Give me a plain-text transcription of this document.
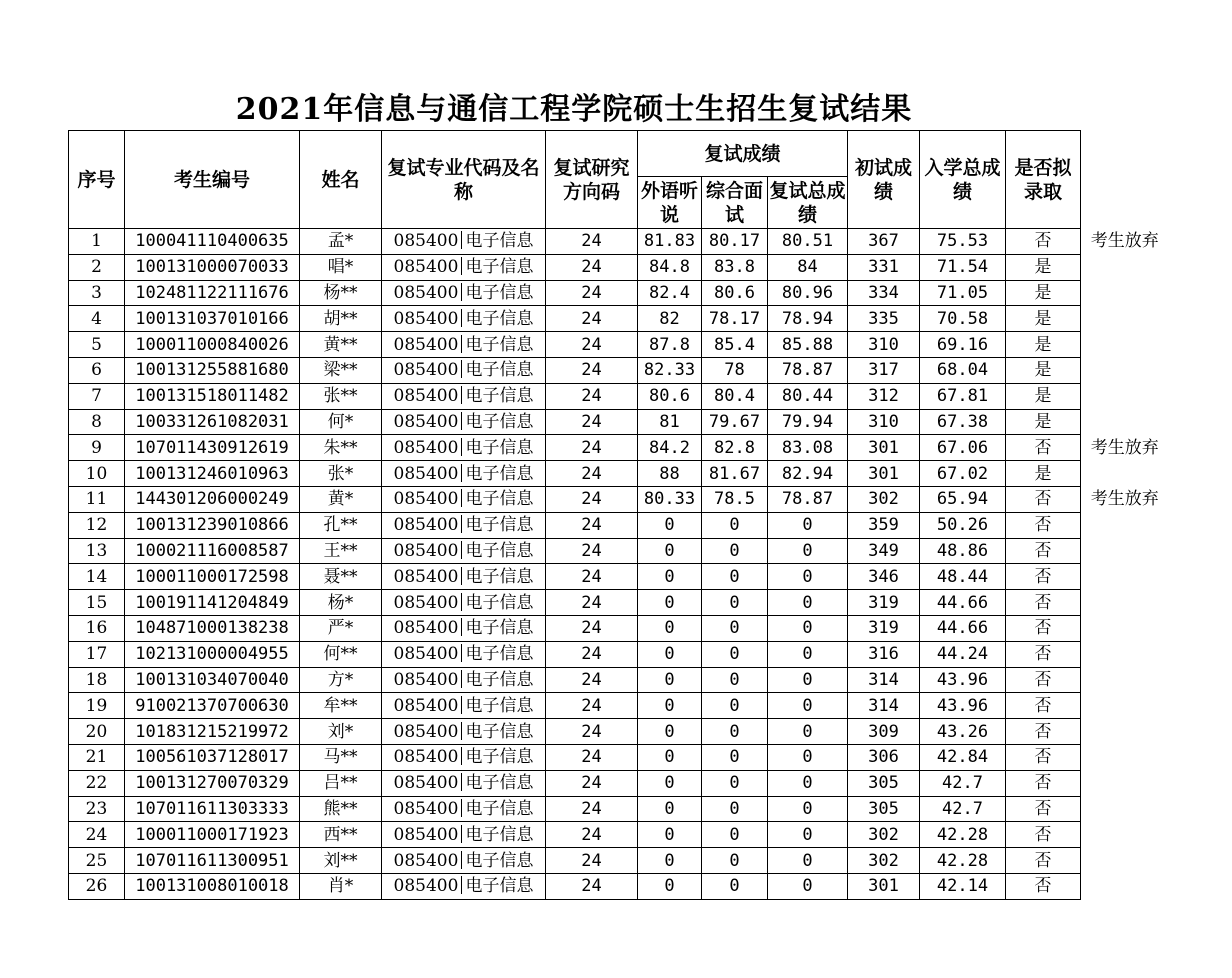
2021年信息与通信工程学院硕士生招生复试结果
序号	考生编号	姓名	复试专业代码及名称	复试研究方向码	复试成绩			初试成绩	入学总成绩	是否拟录取	
					外语听说	综合面试	复试总成绩				
1	100041110400635	孟*	085400 电子信息	24	81.83	80.17	80.51	367	75.53	否	考生放弃
2	100131000070033	唱*	085400 电子信息	24	84.8	83.8	84	331	71.54	是	
3	102481122111676	杨**	085400 电子信息	24	82.4	80.6	80.96	334	71.05	是	
4	100131037010166	胡**	085400 电子信息	24	82	78.17	78.94	335	70.58	是	
5	100011000840026	黄**	085400 电子信息	24	87.8	85.4	85.88	310	69.16	是	
6	100131255881680	梁**	085400 电子信息	24	82.33	78	78.87	317	68.04	是	
7	100131518011482	张**	085400 电子信息	24	80.6	80.4	80.44	312	67.81	是	
8	100331261082031	何*	085400 电子信息	24	81	79.67	79.94	310	67.38	是	
9	107011430912619	朱**	085400 电子信息	24	84.2	82.8	83.08	301	67.06	否	考生放弃
10	100131246010963	张*	085400 电子信息	24	88	81.67	82.94	301	67.02	是	
11	144301206000249	黄*	085400 电子信息	24	80.33	78.5	78.87	302	65.94	否	考生放弃
12	100131239010866	孔**	085400 电子信息	24	0	0	0	359	50.26	否	
13	100021116008587	王**	085400 电子信息	24	0	0	0	349	48.86	否	
14	100011000172598	聂**	085400 电子信息	24	0	0	0	346	48.44	否	
15	100191141204849	杨*	085400 电子信息	24	0	0	0	319	44.66	否	
16	104871000138238	严*	085400 电子信息	24	0	0	0	319	44.66	否	
17	102131000004955	何**	085400 电子信息	24	0	0	0	316	44.24	否	
18	100131034070040	方*	085400 电子信息	24	0	0	0	314	43.96	否	
19	910021370700630	牟**	085400 电子信息	24	0	0	0	314	43.96	否	
20	101831215219972	刘*	085400 电子信息	24	0	0	0	309	43.26	否	
21	100561037128017	马**	085400 电子信息	24	0	0	0	306	42.84	否	
22	100131270070329	吕**	085400 电子信息	24	0	0	0	305	42.7	否	
23	107011611303333	熊**	085400 电子信息	24	0	0	0	305	42.7	否	
24	100011000171923	西**	085400 电子信息	24	0	0	0	302	42.28	否	
25	107011611300951	刘**	085400 电子信息	24	0	0	0	302	42.28	否	
26	100131008010018	肖*	085400 电子信息	24	0	0	0	301	42.14	否	
